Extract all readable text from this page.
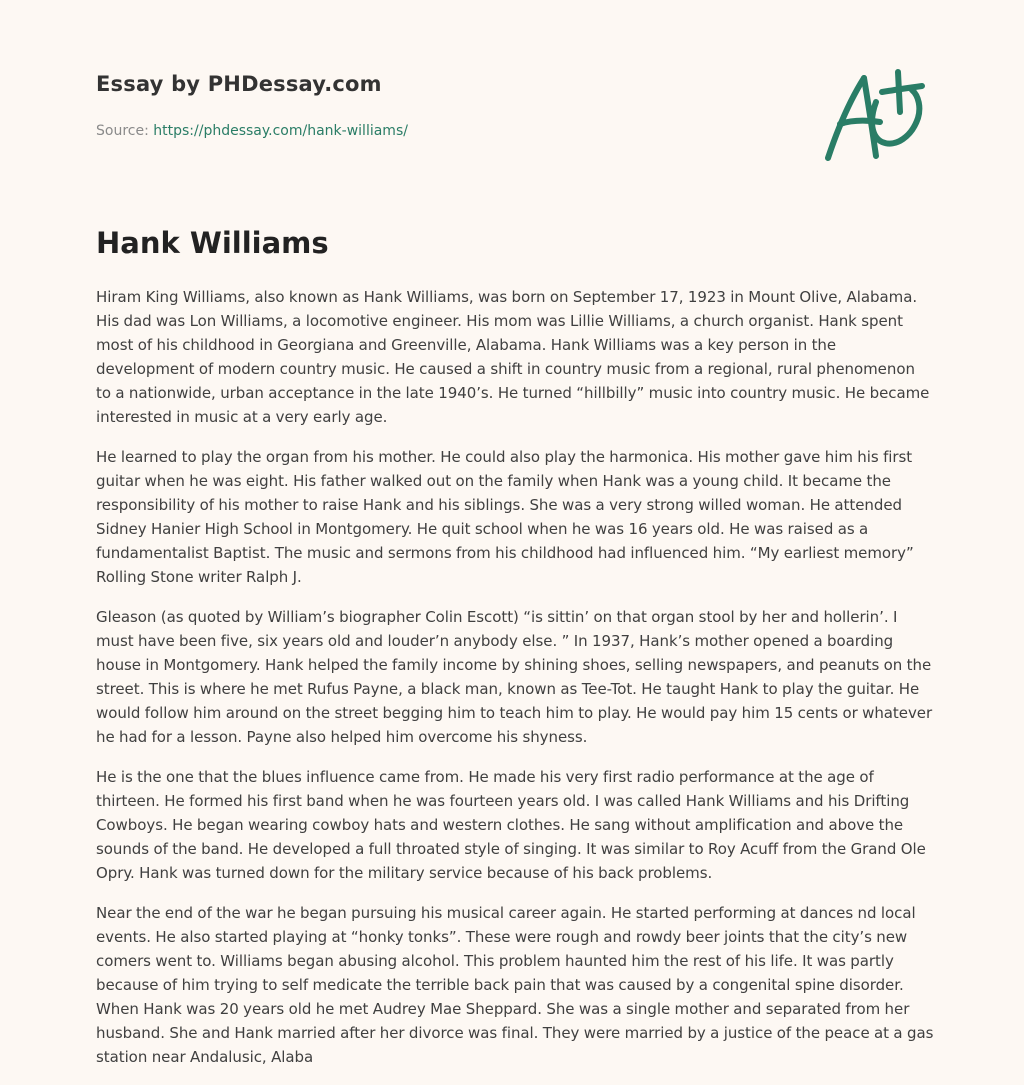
Essay by PHDessay.com
Source: https://phdessay.com/hank-williams/
Hank Williams

Hiram King Williams, also known as Hank Williams, was born on September 17, 1923 in Mount Olive, Alabama. His dad was Lon Williams, a locomotive engineer. His mom was Lillie Williams, a church organist. Hank spent most of his childhood in Georgiana and Greenville, Alabama. Hank Williams was a key person in the development of modern country music. He caused a shift in country music from a regional, rural phenomenon to a nationwide, urban acceptance in the late 1940’s. He turned “hillbilly” music into country music. He became interested in music at a very early age.

He learned to play the organ from his mother. He could also play the harmonica. His mother gave him his first guitar when he was eight. His father walked out on the family when Hank was a young child. It became the responsibility of his mother to raise Hank and his siblings. She was a very strong willed woman. He attended Sidney Hanier High School in Montgomery. He quit school when he was 16 years old. He was raised as a fundamentalist Baptist. The music and sermons from his childhood had influenced him. “My earliest memory” Rolling Stone writer Ralph J.

Gleason (as quoted by William’s biographer Colin Escott) “is sittin’ on that organ stool by her and hollerin’. I must have been five, six years old and louder’n anybody else. ” In 1937, Hank’s mother opened a boarding house in Montgomery. Hank helped the family income by shining shoes, selling newspapers, and peanuts on the street. This is where he met Rufus Payne, a black man, known as Tee-Tot. He taught Hank to play the guitar. He would follow him around on the street begging him to teach him to play. He would pay him 15 cents or whatever he had for a lesson. Payne also helped him overcome his shyness.

He is the one that the blues influence came from. He made his very first radio performance at the age of thirteen. He formed his first band when he was fourteen years old. I was called Hank Williams and his Drifting Cowboys. He began wearing cowboy hats and western clothes. He sang without amplification and above the sounds of the band. He developed a full throated style of singing. It was similar to Roy Acuff from the Grand Ole Opry. Hank was turned down for the military service because of his back problems.

Near the end of the war he began pursuing his musical career again. He started performing at dances nd local events. He also started playing at “honky tonks”. These were rough and rowdy beer joints that the city’s new comers went to. Williams began abusing alcohol. This problem haunted him the rest of his life. It was partly because of him trying to self medicate the terrible back pain that was caused by a congenital spine disorder. When Hank was 20 years old he met Audrey Mae Sheppard. She was a single mother and separated from her husband. She and Hank married after her divorce was final. They were married by a justice of the peace at a gas station near Andalusic, Alaba
